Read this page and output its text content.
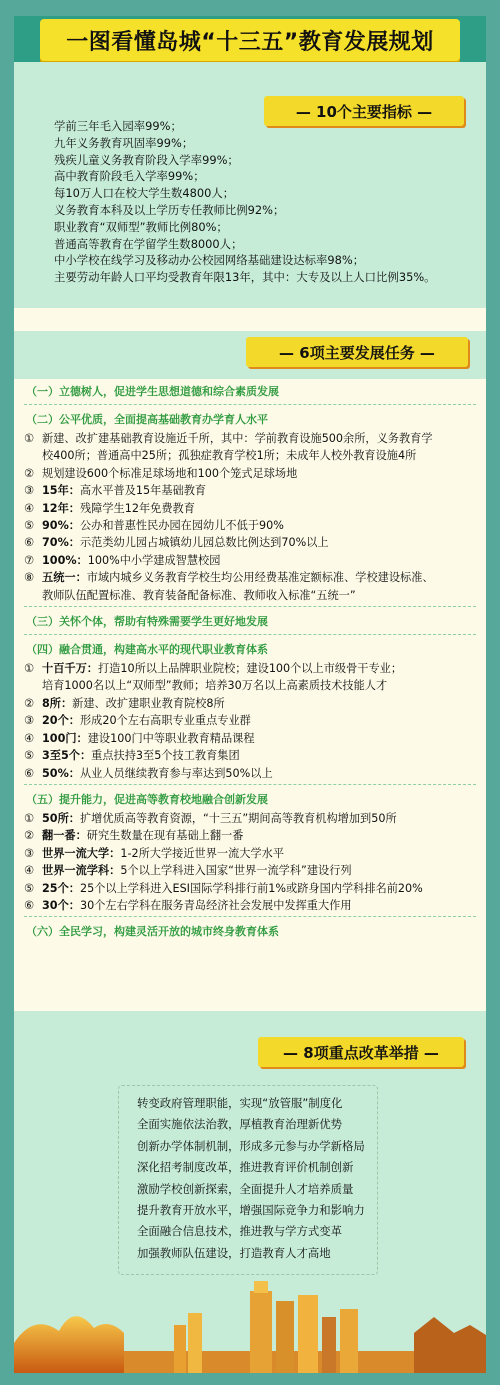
一图看懂岛城“十三五”教育发展规划
— 10个主要指标 —
学前三年毛入园率99%；
九年义务教育巩固率99%；
残疾儿童义务教育阶段入学率99%；
高中教育阶段毛入学率99%；
每10万人口在校大学生数4800人；
义务教育本科及以上学历专任教师比例92%；
职业教育“双师型”教师比例80%；
普通高等教育在学留学生数8000人；
中小学校在线学习及移动办公校园网络基础建设达标率98%；
主要劳动年龄人口平均受教育年限13年，其中：大专及以上人口比例35%。
— 6项主要发展任务 —
（一）立德树人，促进学生思想道德和综合素质发展
（二）公平优质，全面提高基础教育办学育人水平
① 新建、改扩建基础教育设施近千所，其中：学前教育设施500余所，义务教育学
校400所；普通高中25所；孤独症教育学校1所；未成年人校外教育设施4所
② 规划建设600个标准足球场地和100个笼式足球场地
③ 15年：高水平普及15年基础教育
④ 12年：残障学生12年免费教育
⑤ 90%：公办和普惠性民办园在园幼儿不低于90%
⑥ 70%：示范类幼儿园占城镇幼儿园总数比例达到70%以上
⑦ 100%：100%中小学建成智慧校园
⑧ 五统一：市域内城乡义务教育学校生均公用经费基准定额标准、学校建设标准、
教师队伍配置标准、教育装备配备标准、教师收入标准“五统一”
（三）关怀个体，帮助有特殊需要学生更好地发展
（四）融合贯通，构建高水平的现代职业教育体系
① 十百千万：打造10所以上品牌职业院校；建设100个以上市级骨干专业；
培育1000名以上“双师型”教师；培养30万名以上高素质技术技能人才
② 8所：新建、改扩建职业教育院校8所
③ 20个：形成20个左右高职专业重点专业群
④ 100门：建设100门中等职业教育精品课程
⑤ 3至5个：重点扶持3至5个技工教育集团
⑥ 50%：从业人员继续教育参与率达到50%以上
（五）提升能力，促进高等教育校地融合创新发展
① 50所：扩增优质高等教育资源，“十三五”期间高等教育机构增加到50所
② 翻一番：研究生数量在现有基础上翻一番
③ 世界一流大学：1-2所大学接近世界一流大学水平
④ 世界一流学科：5个以上学科进入国家“世界一流学科”建设行列
⑤ 25个：25个以上学科进入ESI国际学科排行前1%或跻身国内学科排名前20%
⑥ 30个：30个左右学科在服务青岛经济社会发展中发挥重大作用
（六）全民学习，构建灵活开放的城市终身教育体系
— 8项重点改革举措 —
转变政府管理职能，实现“放管服”制度化
全面实施依法治教，厚植教育治理新优势
创新办学体制机制，形成多元参与办学新格局
深化招考制度改革，推进教育评价机制创新
激励学校创新探索，全面提升人才培养质量
提升教育开放水平，增强国际竞争力和影响力
全面融合信息技术，推进教与学方式变革
加强教师队伍建设，打造教育人才高地
